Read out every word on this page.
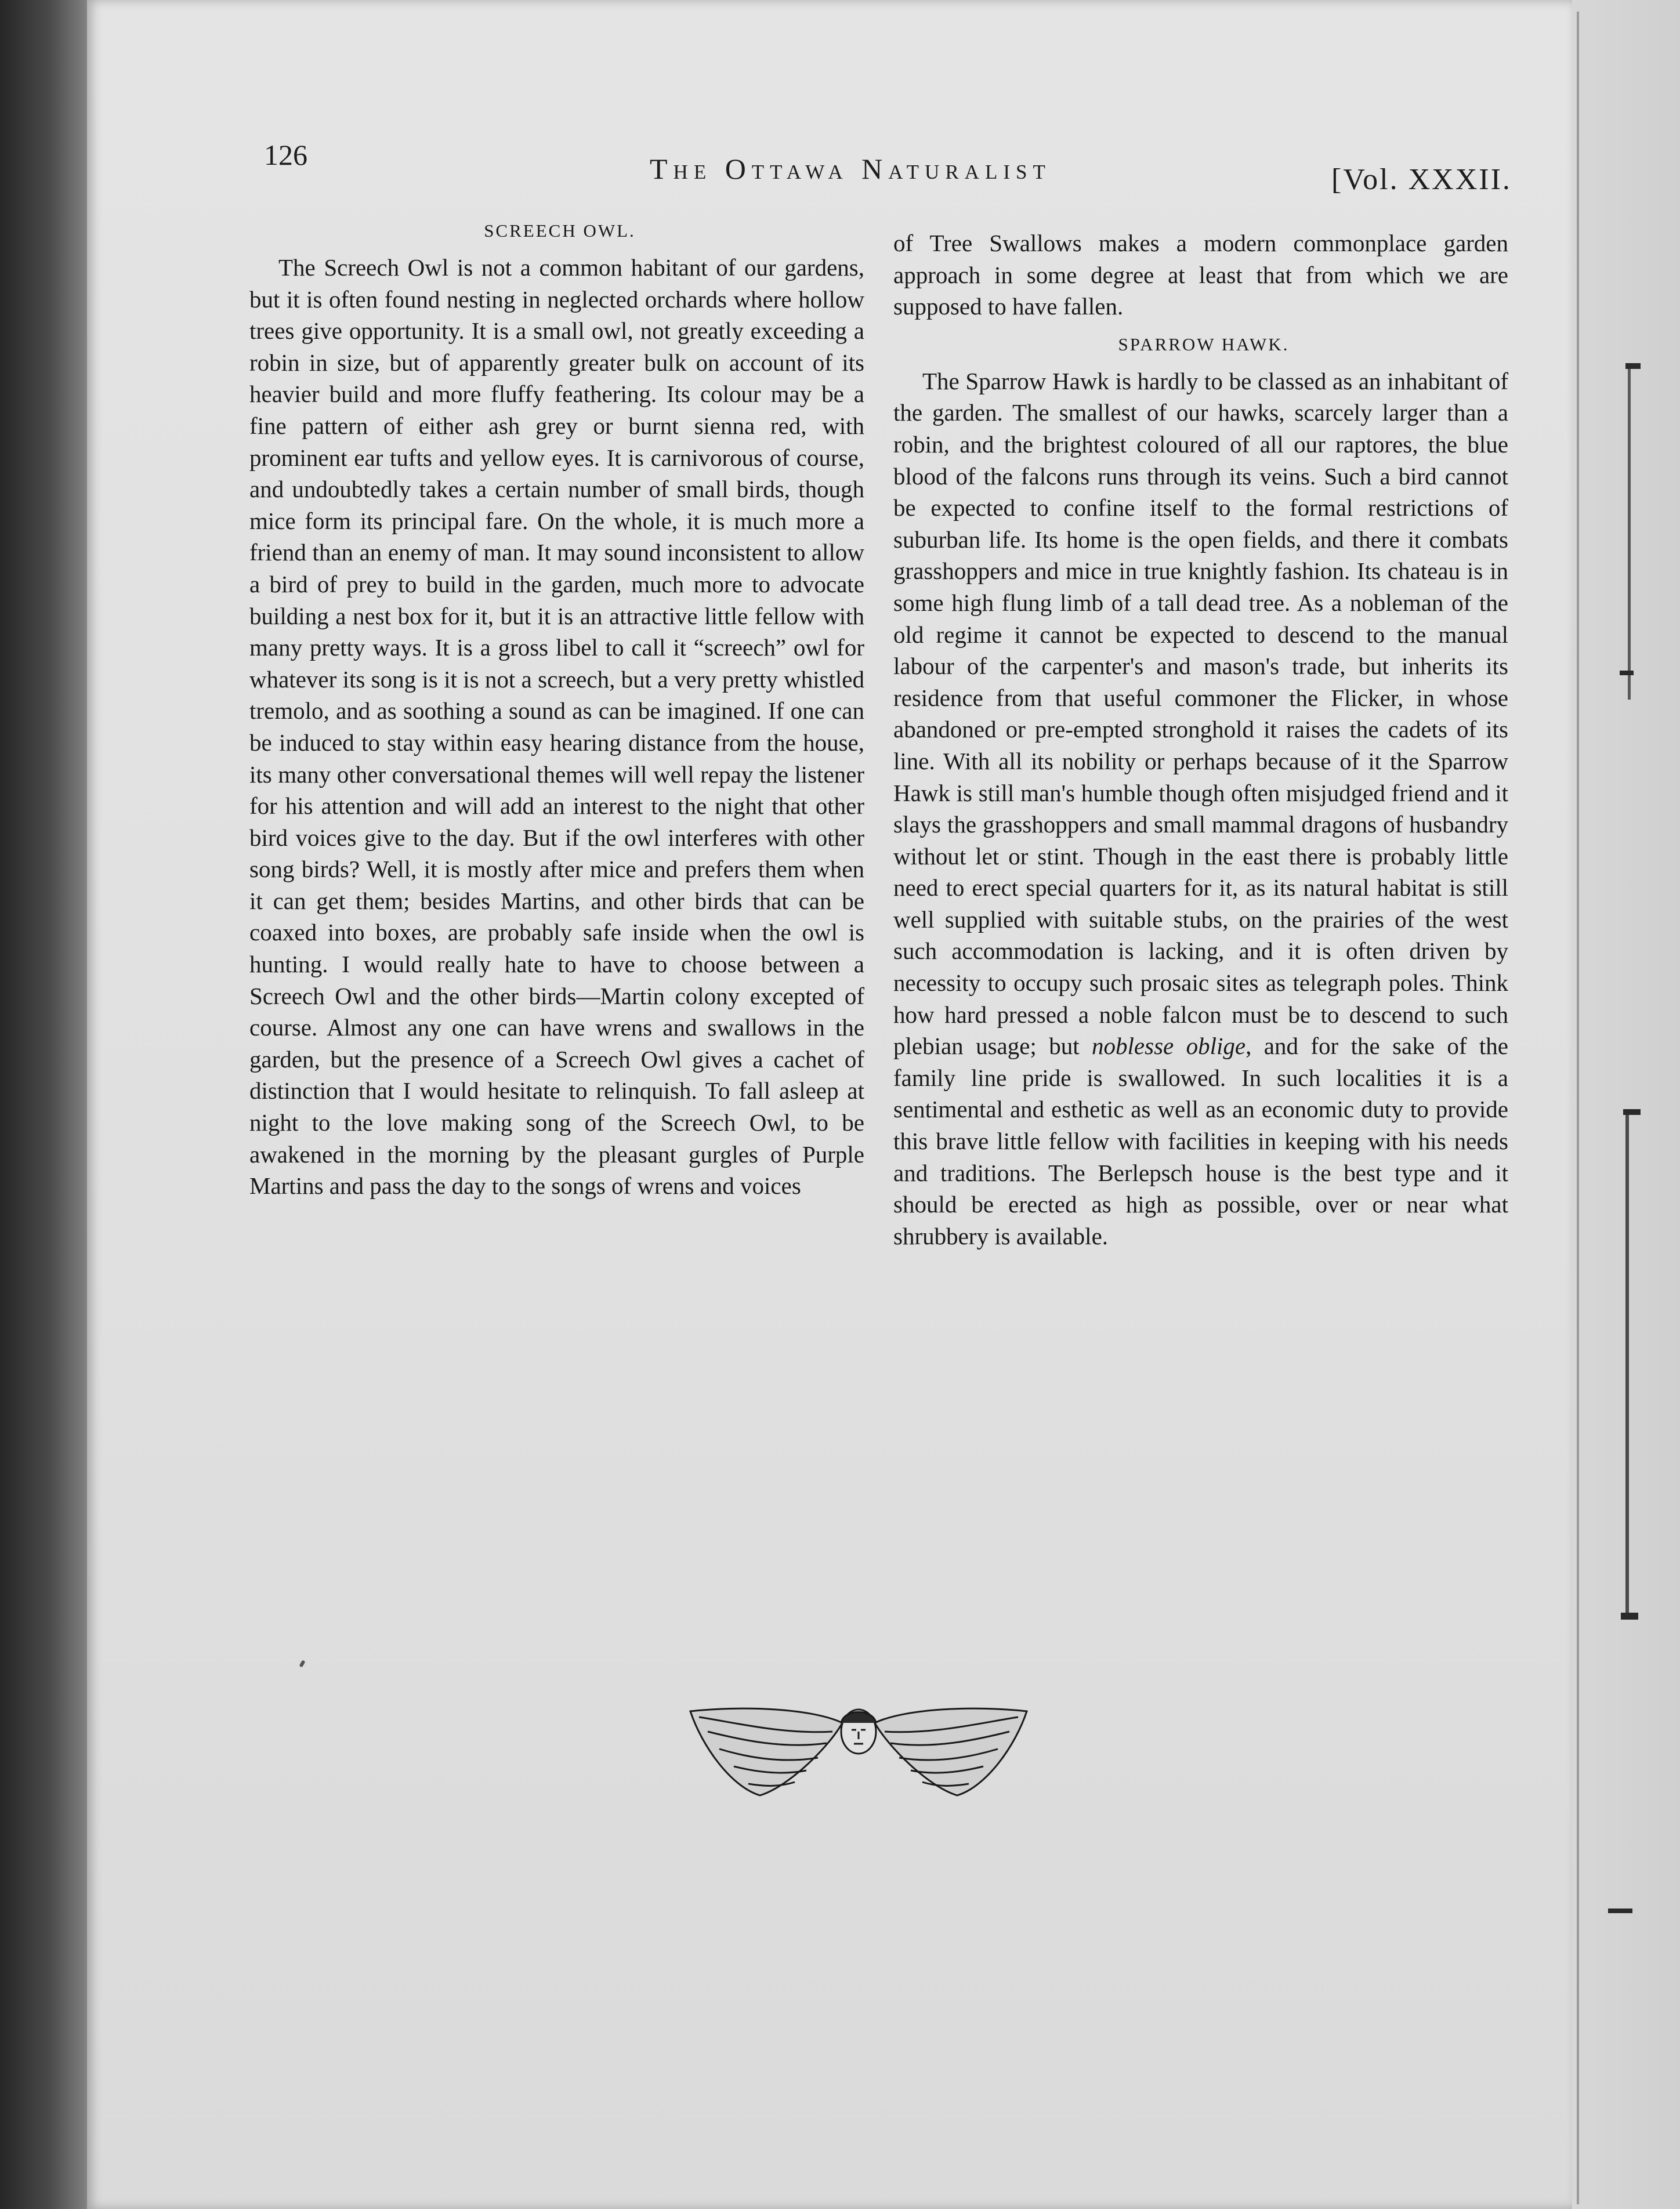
126	The Ottawa Naturalist	[Vol. XXXII.
SCREECH OWL.

The Screech Owl is not a common habitant of our gardens, but it is often found nesting in neglected orchards where hollow trees give opportunity. It is a small owl, not greatly exceeding a robin in size, but of apparently greater bulk on account of its heavier build and more fluffy feathering. Its colour may be a fine pattern of either ash grey or burnt sienna red, with prominent ear tufts and yellow eyes. It is carnivorous of course, and undoubtedly takes a certain number of small birds, though mice form its principal fare. On the whole, it is much more a friend than an enemy of man. It may sound inconsistent to allow a bird of prey to build in the garden, much more to advocate building a nest box for it, but it is an attractive little fellow with many pretty ways. It is a gross libel to call it “screech” owl for whatever its song is it is not a screech, but a very pretty whistled tremolo, and as soothing a sound as can be imagined. If one can be induced to stay within easy hearing distance from the house, its many other conversational themes will well repay the listener for his attention and will add an interest to the night that other bird voices give to the day. But if the owl interferes with other song birds? Well, it is mostly after mice and prefers them when it can get them; besides Martins, and other birds that can be coaxed into boxes, are probably safe inside when the owl is hunting. I would really hate to have to choose between a Screech Owl and the other birds—Martin colony excepted of course. Almost any one can have wrens and swallows in the garden, but the presence of a Screech Owl gives a cachet of distinction that I would hesitate to relinquish. To fall asleep at night to the love making song of the Screech Owl, to be awakened in the morning by the pleasant gurgles of Purple Martins and pass the day to the songs of wrens and voices

of Tree Swallows makes a modern commonplace garden approach in some degree at least that from which we are supposed to have fallen.

SPARROW HAWK.

The Sparrow Hawk is hardly to be classed as an inhabitant of the garden. The smallest of our hawks, scarcely larger than a robin, and the brightest coloured of all our raptores, the blue blood of the falcons runs through its veins. Such a bird cannot be expected to confine itself to the formal restrictions of suburban life. Its home is the open fields, and there it combats grasshoppers and mice in true knightly fashion. Its chateau is in some high flung limb of a tall dead tree. As a nobleman of the old regime it cannot be expected to descend to the manual labour of the carpenter's and mason's trade, but inherits its residence from that useful commoner the Flicker, in whose abandoned or pre-empted stronghold it raises the cadets of its line. With all its nobility or perhaps because of it the Sparrow Hawk is still man's humble though often misjudged friend and it slays the grasshoppers and small mammal dragons of husbandry without let or stint. Though in the east there is probably little need to erect special quarters for it, as its natural habitat is still well supplied with suitable stubs, on the prairies of the west such accommodation is lacking, and it is often driven by necessity to occupy such prosaic sites as telegraph poles. Think how hard pressed a noble falcon must be to descend to such plebian usage; but noblesse oblige, and for the sake of the family line pride is swallowed. In such localities it is a sentimental and esthetic as well as an economic duty to provide this brave little fellow with facilities in keeping with his needs and traditions. The Berlepsch house is the best type and it should be erected as high as possible, over or near what shrubbery is available.
